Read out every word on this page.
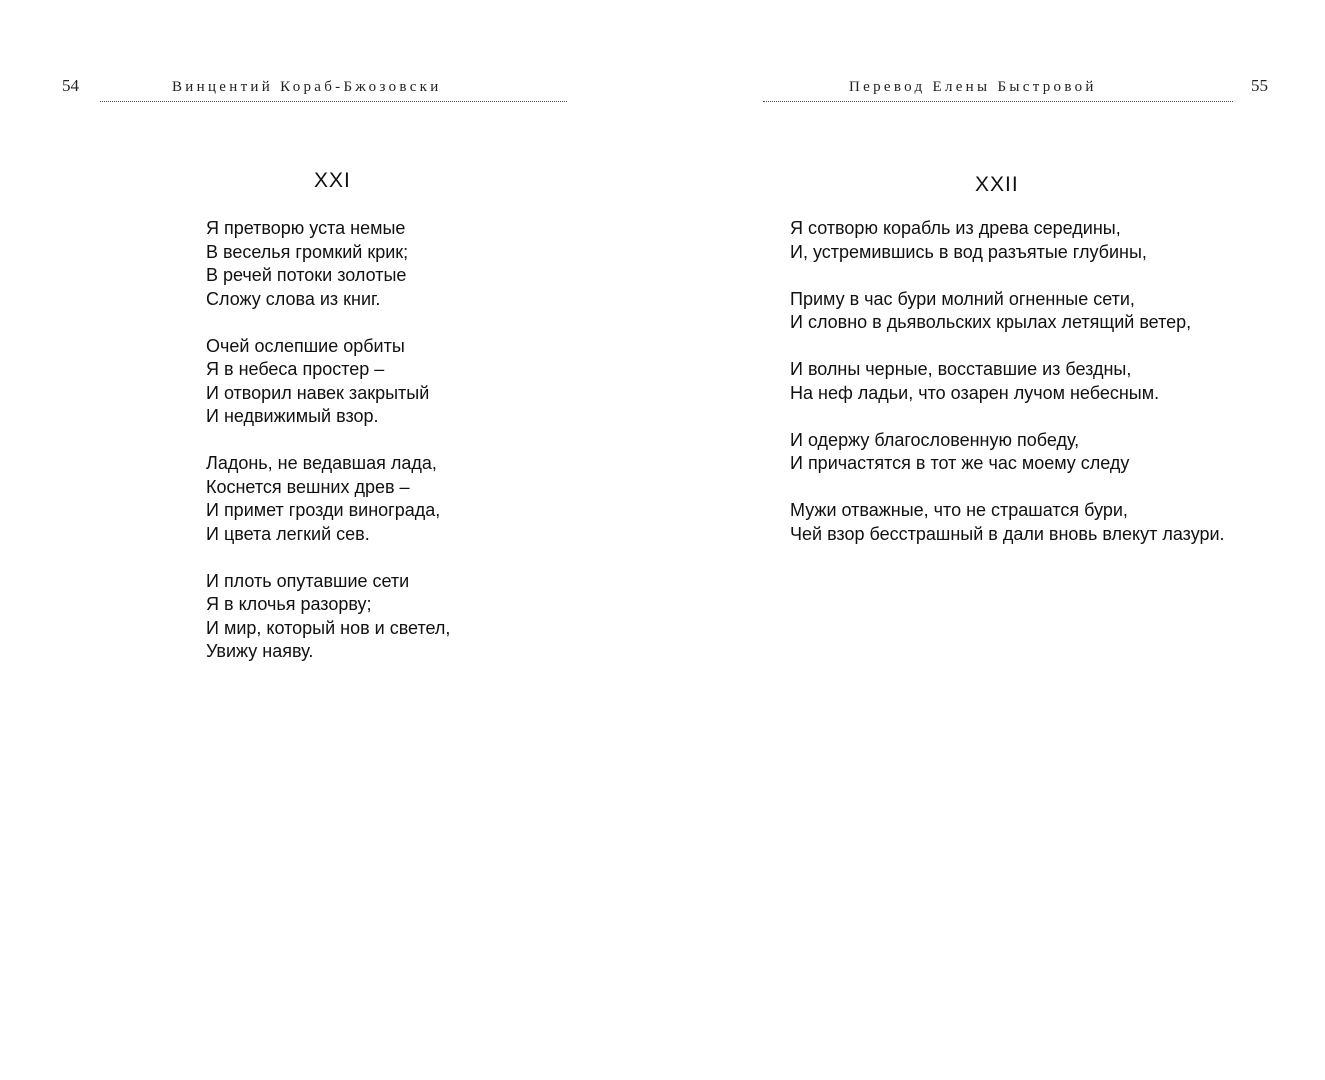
54	Винцентий Кораб-Бжозовски
XXI
Я претворю уста немые
В веселья громкий крик;
В речей потоки золотые
Сложу слова из книг.
Очей ослепшие орбиты
Я в небеса простер –
И отворил навек закрытый
И недвижимый взор.
Ладонь, не ведавшая лада,
Коснется вешних древ –
И примет грозди винограда,
И цвета легкий сев.
И плоть опутавшие сети
Я в клочья разорву;
И мир, который нов и светел,
Увижу наяву.
Перевод Елены Быстровой	55
XXII
Я сотворю корабль из древа середины,
И, устремившись в вод разъятые глубины,
Приму в час бури молний огненные сети,
И словно в дьявольских крылах летящий ветер,
И волны черные, восставшие из бездны,
На неф ладьи, что озарен лучом небесным.
И одержу благословенную победу,
И причастятся в тот же час моему следу
Мужи отважные, что не страшатся бури,
Чей взор бесстрашный в дали вновь влекут лазури.
